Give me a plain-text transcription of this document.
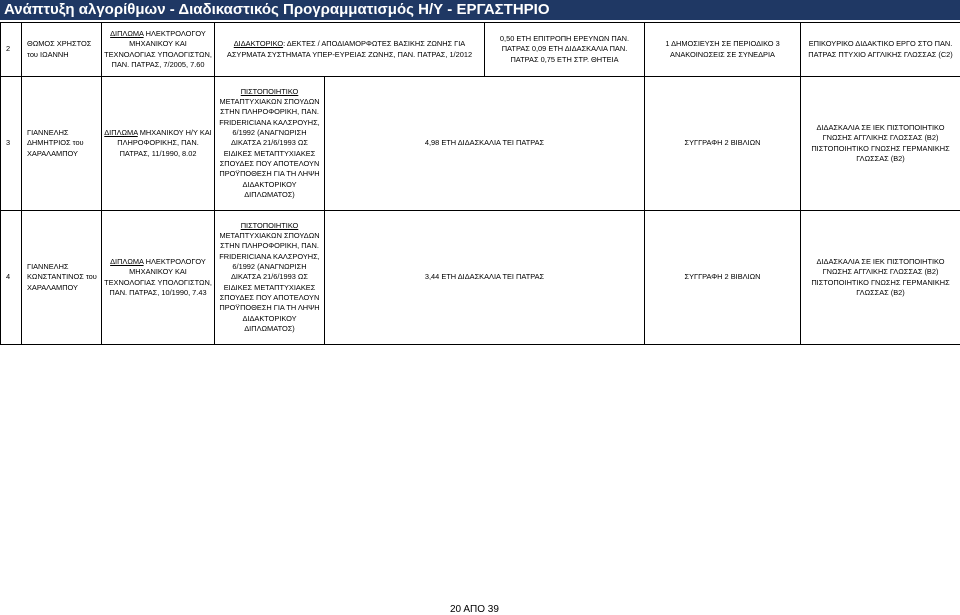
Ανάπτυξη αλγορίθμων - Διαδικαστικός Προγραμματισμός Η/Υ - ΕΡΓΑΣΤΗΡΙΟ
2	ΘΩΜΟΣ ΧΡΗΣΤΟΣ του ΙΩΑΝΝΗ	ΔΙΠΛΩΜΑ ΗΛΕΚΤΡΟΛΟΓΟΥ ΜΗΧΑΝΙΚΟΥ ΚΑΙ ΤΕΧΝΟΛΟΓΙΑΣ ΥΠΟΛΟΓΙΣΤΩΝ, ΠΑΝ. ΠΑΤΡΑΣ, 7/2005, 7.60	ΔΙΔΑΚΤΟΡΙΚΟ: ΔΕΚΤΕΣ / ΑΠΟΔΙΑΜΟΡΦΩΤΕΣ ΒΑΣΙΚΗΣ ΖΩΝΗΣ ΓΙΑ ΑΣΥΡΜΑΤΑ ΣΥΣΤΗΜΑΤΑ ΥΠΕΡ-ΕΥΡΕΙΑΣ ΖΩΝΗΣ, ΠΑΝ. ΠΑΤΡΑΣ, 1/2012		0,50 ΕΤΗ ΕΠΙΤΡΟΠΗ ΕΡΕΥΝΩΝ ΠΑΝ. ΠΑΤΡΑΣ 0,09 ΕΤΗ ΔΙΔΑΣΚΑΛΙΑ ΠΑΝ. ΠΑΤΡΑΣ 0,75 ΕΤΗ ΣΤΡ. ΘΗΤΕΙΑ	1 ΔΗΜΟΣΙΕΥΣΗ ΣΕ ΠΕΡΙΟΔΙΚΟ 3 ΑΝΑΚΟΙΝΩΣΕΙΣ ΣΕ ΣΥΝΕΔΡΙΑ	ΕΠΙΚΟΥΡΙΚΟ ΔΙΔΑΚΤΙΚΟ ΕΡΓΟ ΣΤΟ ΠΑΝ. ΠΑΤΡΑΣ ΠΤΥΧΙΟ ΑΓΓΛΙΚΗΣ ΓΛΩΣΣΑΣ (C2)
3	ΓΙΑΝΝΕΛΗΣ ΔΗΜΗΤΡΙΟΣ του ΧΑΡΑΛΑΜΠΟΥ	ΔΙΠΛΩΜΑ ΜΗΧΑΝΙΚΟΥ Η/Υ ΚΑΙ ΠΛΗΡΟΦΟΡΙΚΗΣ, ΠΑΝ. ΠΑΤΡΑΣ, 11/1990, 8.02	ΠΙΣΤΟΠΟΙΗΤΙΚΟ ΜΕΤΑΠΤΥΧΙΑΚΩΝ ΣΠΟΥΔΩΝ ΣΤΗΝ ΠΛΗΡΟΦΟΡΙΚΗ, ΠΑΝ. FRIDERICIANA ΚΑΛΣΡΟΥΗΣ, 6/1992 (ΑΝΑΓΝΩΡΙΣΗ ΔΙΚΑΤΣΑ 21/6/1993 ΩΣ ΕΙΔΙΚΕΣ ΜΕΤΑΠΤΥΧΙΑΚΕΣ ΣΠΟΥΔΕΣ ΠΟΥ ΑΠΟΤΕΛΟΥΝ ΠΡΟΫΠΟΘΕΣΗ ΓΙΑ ΤΗ ΛΗΨΗ ΔΙΔΑΚΤΟΡΙΚΟΥ ΔΙΠΛΩΜΑΤΟΣ)	4,98 ΕΤΗ ΔΙΔΑΣΚΑΛΙΑ ΤΕΙ ΠΑΤΡΑΣ		ΣΥΓΓΡΑΦΗ 2 ΒΙΒΛΙΩΝ	ΔΙΔΑΣΚΑΛΙΑ ΣΕ ΙΕΚ ΠΙΣΤΟΠΟΙΗΤΙΚΟ ΓΝΩΣΗΣ ΑΓΓΛΙΚΗΣ ΓΛΩΣΣΑΣ (Β2) ΠΙΣΤΟΠΟΙΗΤΙΚΟ ΓΝΩΣΗΣ ΓΕΡΜΑΝΙΚΗΣ ΓΛΩΣΣΑΣ (Β2)
4	ΓΙΑΝΝΕΛΗΣ ΚΩΝΣΤΑΝΤΙΝΟΣ του ΧΑΡΑΛΑΜΠΟΥ	ΔΙΠΛΩΜΑ ΗΛΕΚΤΡΟΛΟΓΟΥ ΜΗΧΑΝΙΚΟΥ ΚΑΙ ΤΕΧΝΟΛΟΓΙΑΣ ΥΠΟΛΟΓΙΣΤΩΝ, ΠΑΝ. ΠΑΤΡΑΣ, 10/1990, 7.43	ΠΙΣΤΟΠΟΙΗΤΙΚΟ ΜΕΤΑΠΤΥΧΙΑΚΩΝ ΣΠΟΥΔΩΝ ΣΤΗΝ ΠΛΗΡΟΦΟΡΙΚΗ, ΠΑΝ. FRIDERICIANA ΚΑΛΣΡΟΥΗΣ, 6/1992 (ΑΝΑΓΝΩΡΙΣΗ ΔΙΚΑΤΣΑ 21/6/1993 ΩΣ ΕΙΔΙΚΕΣ ΜΕΤΑΠΤΥΧΙΑΚΕΣ ΣΠΟΥΔΕΣ ΠΟΥ ΑΠΟΤΕΛΟΥΝ ΠΡΟΫΠΟΘΕΣΗ ΓΙΑ ΤΗ ΛΗΨΗ ΔΙΔΑΚΤΟΡΙΚΟΥ ΔΙΠΛΩΜΑΤΟΣ)	3,44 ΕΤΗ ΔΙΔΑΣΚΑΛΙΑ ΤΕΙ ΠΑΤΡΑΣ		ΣΥΓΓΡΑΦΗ 2 ΒΙΒΛΙΩΝ	ΔΙΔΑΣΚΑΛΙΑ ΣΕ ΙΕΚ ΠΙΣΤΟΠΟΙΗΤΙΚΟ ΓΝΩΣΗΣ ΑΓΓΛΙΚΗΣ ΓΛΩΣΣΑΣ (Β2) ΠΙΣΤΟΠΟΙΗΤΙΚΟ ΓΝΩΣΗΣ ΓΕΡΜΑΝΙΚΗΣ ΓΛΩΣΣΑΣ (Β2)
20 ΑΠΟ 39
